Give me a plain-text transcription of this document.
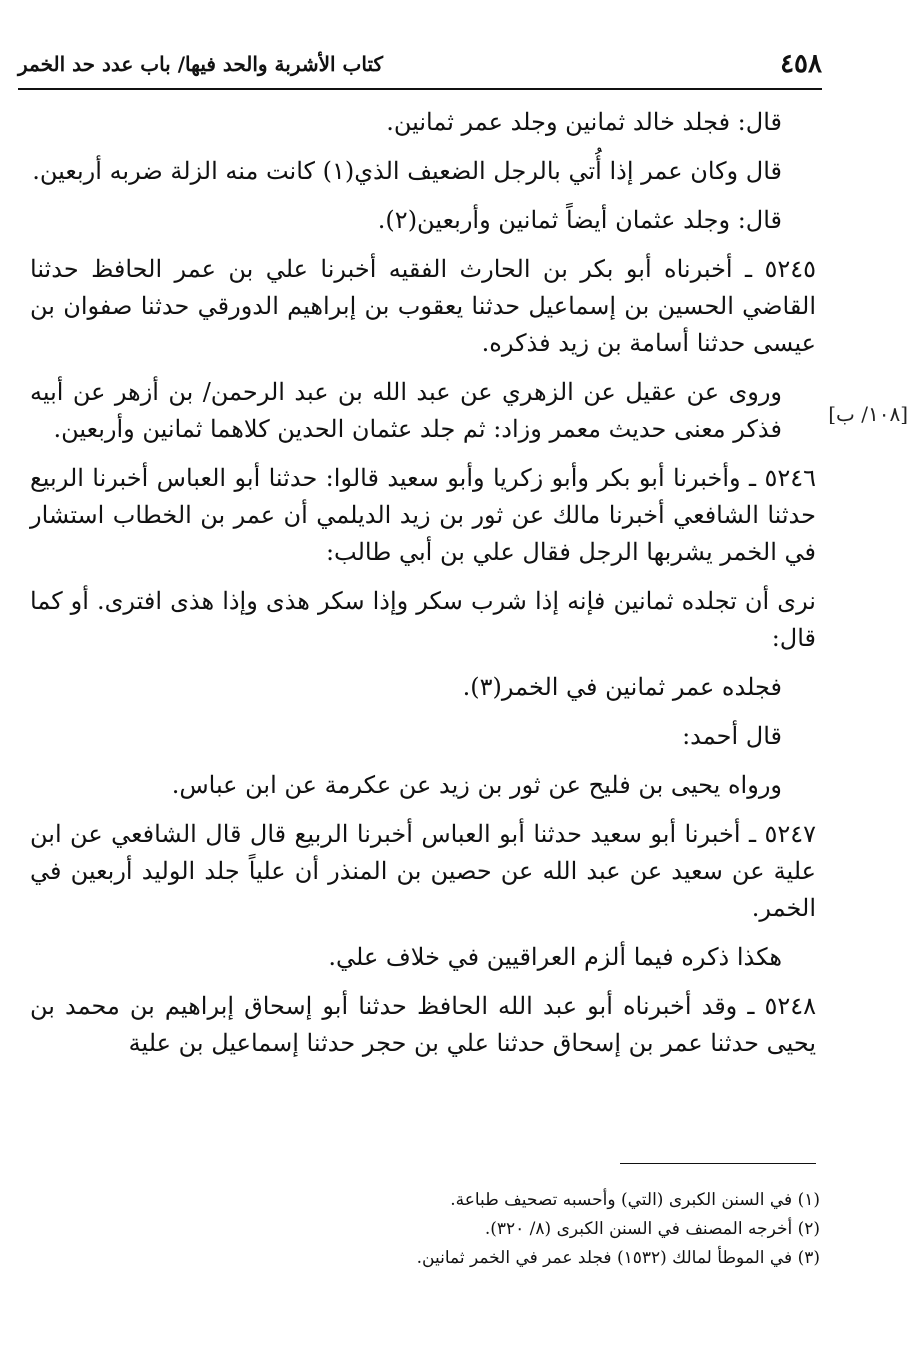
٤٥٨
كتاب الأشربة والحد فيها/ باب عدد حد الخمر
[١٠٨/ ب]

قال: فجلد خالد ثمانين وجلد عمر ثمانين.

قال وكان عمر إذا أُتي بالرجل الضعيف الذي(١) كانت منه الزلة ضربه أربعين.

قال: وجلد عثمان أيضاً ثمانين وأربعين(٢).

٥٢٤٥ ـ أخبرناه أبو بكر بن الحارث الفقيه أخبرنا علي بن عمر الحافظ حدثنا القاضي الحسين بن إسماعيل حدثنا يعقوب بن إبراهيم الدورقي حدثنا صفوان بن عيسى حدثنا أسامة بن زيد فذكره.

وروى عن عقيل عن الزهري عن عبد الله بن عبد الرحمن/ بن أزهر عن أبيه فذكر معنى حديث معمر وزاد: ثم جلد عثمان الحدين كلاهما ثمانين وأربعين.

٥٢٤٦ ـ وأخبرنا أبو بكر وأبو زكريا وأبو سعيد قالوا: حدثنا أبو العباس أخبرنا الربيع حدثنا الشافعي أخبرنا مالك عن ثور بن زيد الديلمي أن عمر بن الخطاب استشار في الخمر يشربها الرجل فقال علي بن أبي طالب:

نرى أن تجلده ثمانين فإنه إذا شرب سكر وإذا سكر هذى وإذا هذى افترى. أو كما قال:

فجلده عمر ثمانين في الخمر(٣).

قال أحمد:

ورواه يحيى بن فليح عن ثور بن زيد عن عكرمة عن ابن عباس.

٥٢٤٧ ـ أخبرنا أبو سعيد حدثنا أبو العباس أخبرنا الربيع قال قال الشافعي عن ابن علية عن سعيد عن عبد الله عن حصين بن المنذر أن علياً جلد الوليد أربعين في الخمر.

هكذا ذكره فيما ألزم العراقيين في خلاف علي.

٥٢٤٨ ـ وقد أخبرناه أبو عبد الله الحافظ حدثنا أبو إسحاق إبراهيم بن محمد بن يحيى حدثنا عمر بن إسحاق حدثنا علي بن حجر حدثنا إسماعيل بن علية

(١) في السنن الكبرى (التي) وأحسبه تصحيف طباعة.

(٢) أخرجه المصنف في السنن الكبرى (٨/ ٣٢٠).

(٣) في الموطأ لمالك (١٥٣٢) فجلد عمر في الخمر ثمانين.
